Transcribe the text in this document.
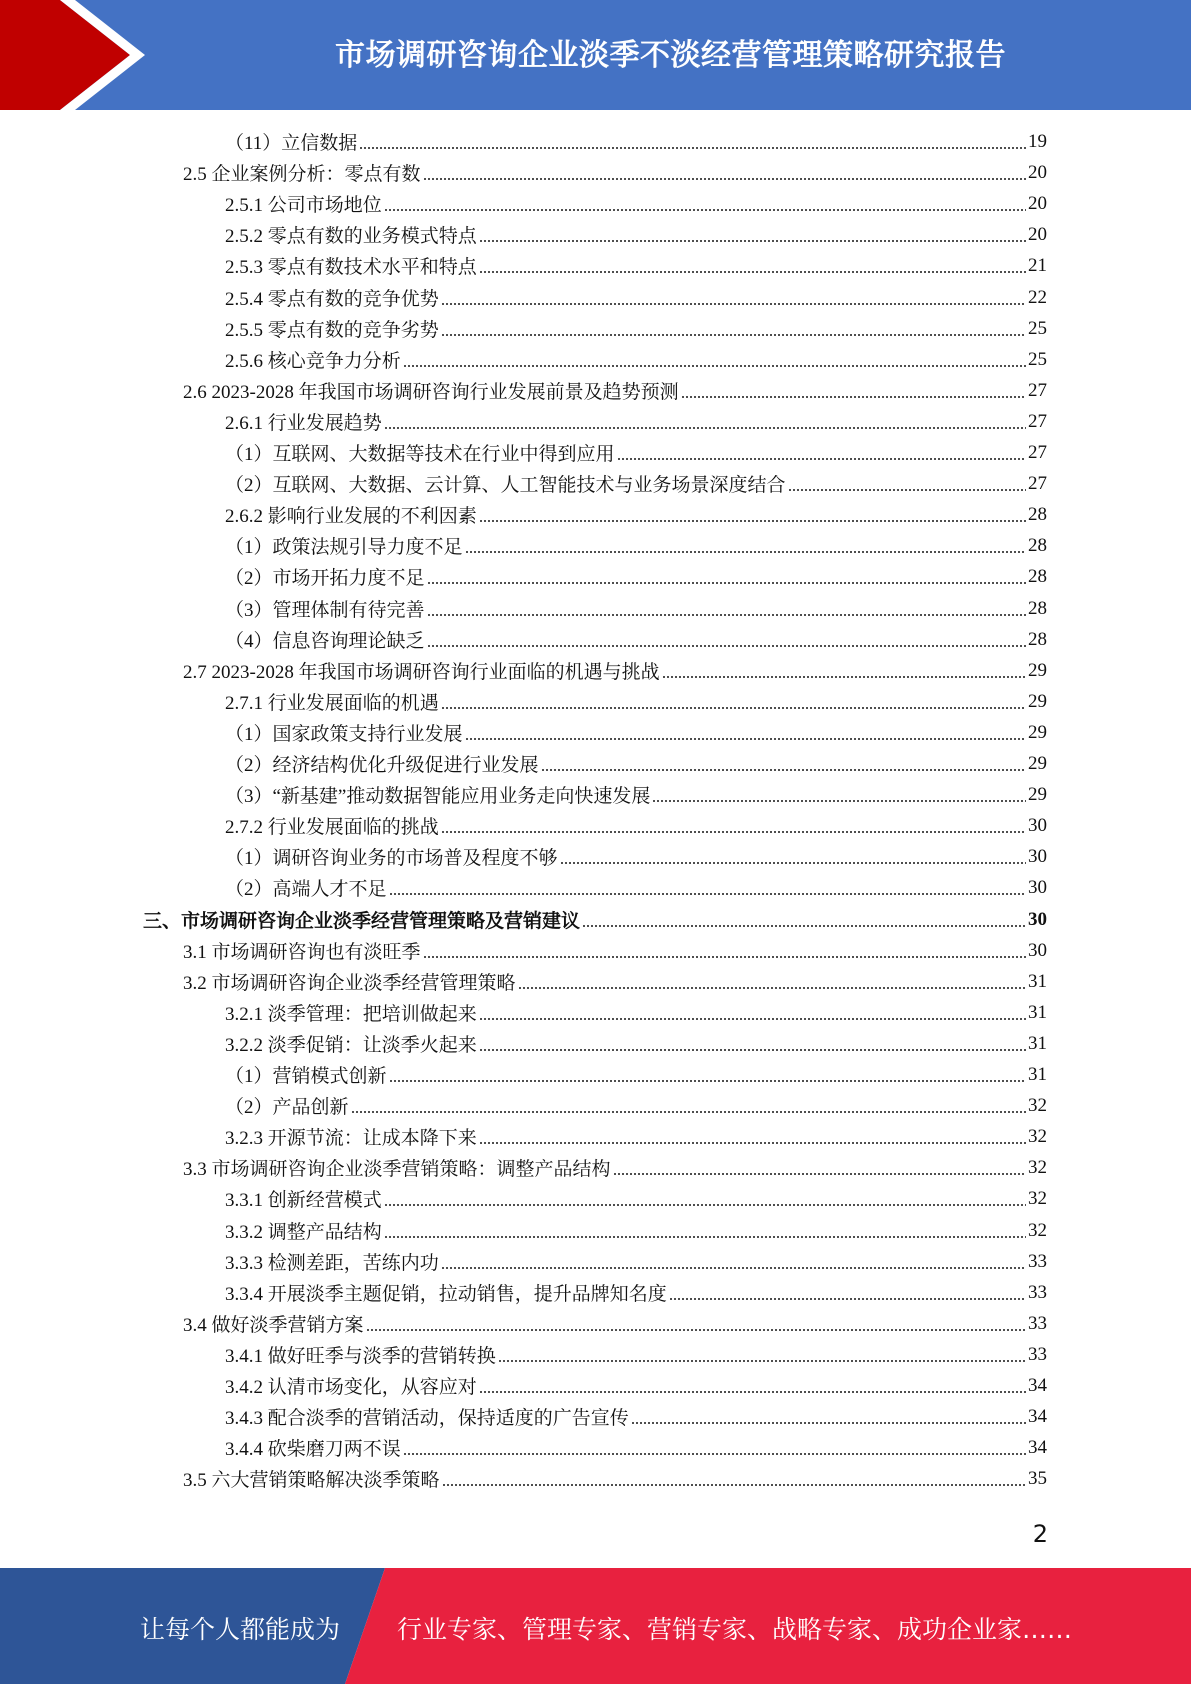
市场调研咨询企业淡季不淡经营管理策略研究报告
（11）立信数据	19
2.5 企业案例分析：零点有数	20
2.5.1 公司市场地位	20
2.5.2 零点有数的业务模式特点	20
2.5.3 零点有数技术水平和特点	21
2.5.4 零点有数的竞争优势	22
2.5.5 零点有数的竞争劣势	25
2.5.6 核心竞争力分析	25
2.6 2023-2028 年我国市场调研咨询行业发展前景及趋势预测	27
2.6.1 行业发展趋势	27
（1）互联网、大数据等技术在行业中得到应用	27
（2）互联网、大数据、云计算、人工智能技术与业务场景深度结合	27
2.6.2 影响行业发展的不利因素	28
（1）政策法规引导力度不足	28
（2）市场开拓力度不足	28
（3）管理体制有待完善	28
（4）信息咨询理论缺乏	28
2.7 2023-2028 年我国市场调研咨询行业面临的机遇与挑战	29
2.7.1 行业发展面临的机遇	29
（1）国家政策支持行业发展	29
（2）经济结构优化升级促进行业发展	29
（3）“新基建”推动数据智能应用业务走向快速发展	29
2.7.2 行业发展面临的挑战	30
（1）调研咨询业务的市场普及程度不够	30
（2）高端人才不足	30
三、市场调研咨询企业淡季经营管理策略及营销建议	30
3.1 市场调研咨询也有淡旺季	30
3.2 市场调研咨询企业淡季经营管理策略	31
3.2.1 淡季管理：把培训做起来	31
3.2.2 淡季促销：让淡季火起来	31
（1）营销模式创新	31
（2）产品创新	32
3.2.3 开源节流：让成本降下来	32
3.3 市场调研咨询企业淡季营销策略：调整产品结构	32
3.3.1 创新经营模式	32
3.3.2 调整产品结构	32
3.3.3 检测差距，苦练内功	33
3.3.4 开展淡季主题促销，拉动销售，提升品牌知名度	33
3.4 做好淡季营销方案	33
3.4.1 做好旺季与淡季的营销转换	33
3.4.2 认清市场变化，从容应对	34
3.4.3 配合淡季的营销活动，保持适度的广告宣传	34
3.4.4 砍柴磨刀两不误	34
3.5 六大营销策略解决淡季策略	35
2
让每个人都能成为 行业专家、管理专家、营销专家、战略专家、成功企业家……
